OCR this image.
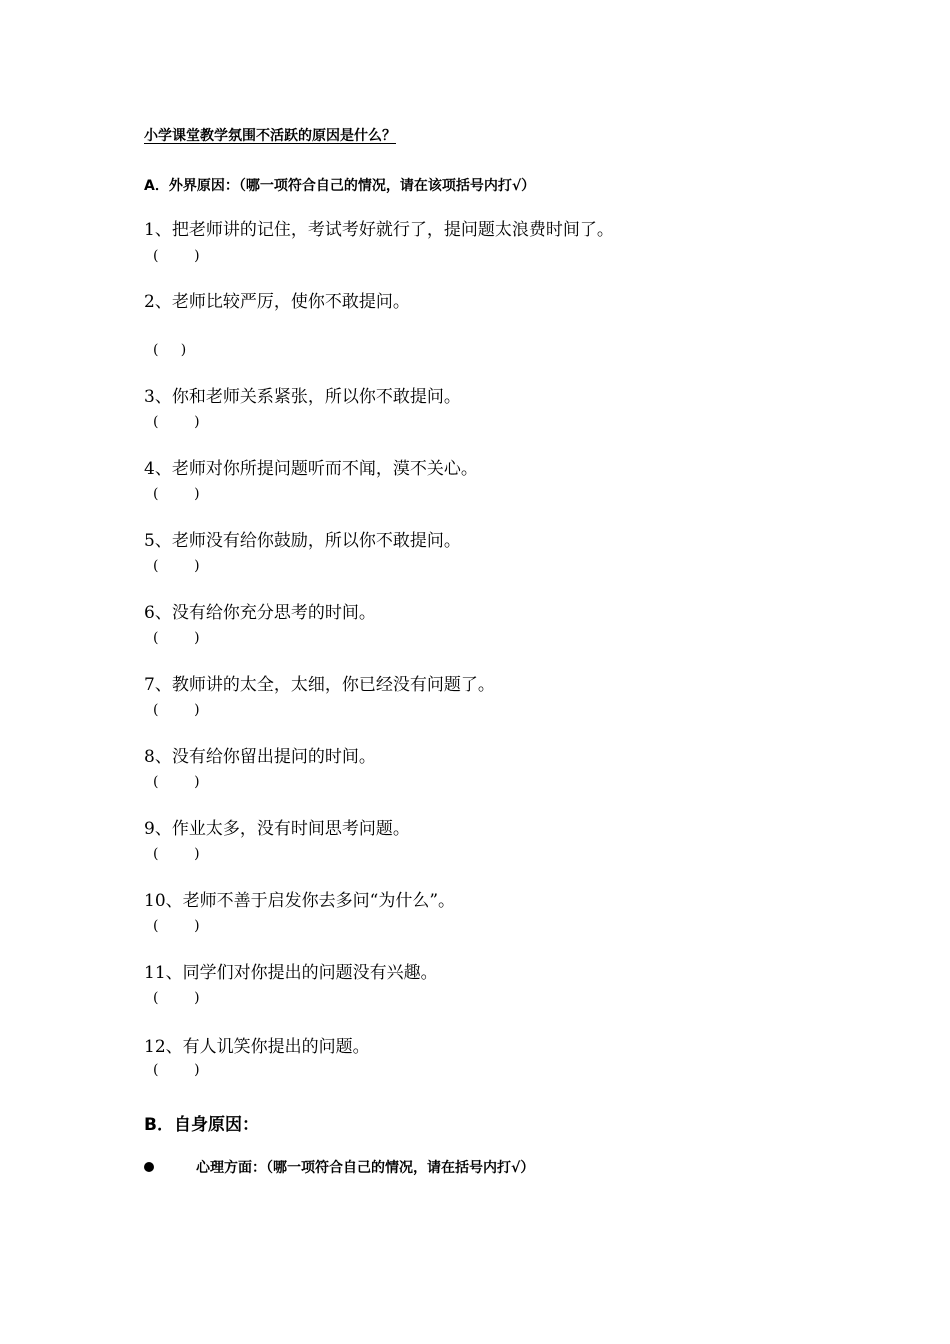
小学课堂教学氛围不活跃的原因是什么？
A．外界原因：（哪一项符合自己的情况，请在该项括号内打√）
1、把老师讲的记住，考试考好就行了，提问题太浪费时间了。
(        )
2、老师比较严厉，使你不敢提问。
(     )
3、你和老师关系紧张，所以你不敢提问。
(        )
4、老师对你所提问题听而不闻，漠不关心。
(        )
5、老师没有给你鼓励，所以你不敢提问。
(        )
6、没有给你充分思考的时间。
(        )
7、教师讲的太全，太细，你已经没有问题了。
(        )
8、没有给你留出提问的时间。
(        )
9、作业太多，没有时间思考问题。
(        )
10、老师不善于启发你去多问“为什么”。
(        )
11、同学们对你提出的问题没有兴趣。
(        )
12、有人讥笑你提出的问题。
(        )
B．自身原因：
心理方面：（哪一项符合自己的情况，请在括号内打√）
